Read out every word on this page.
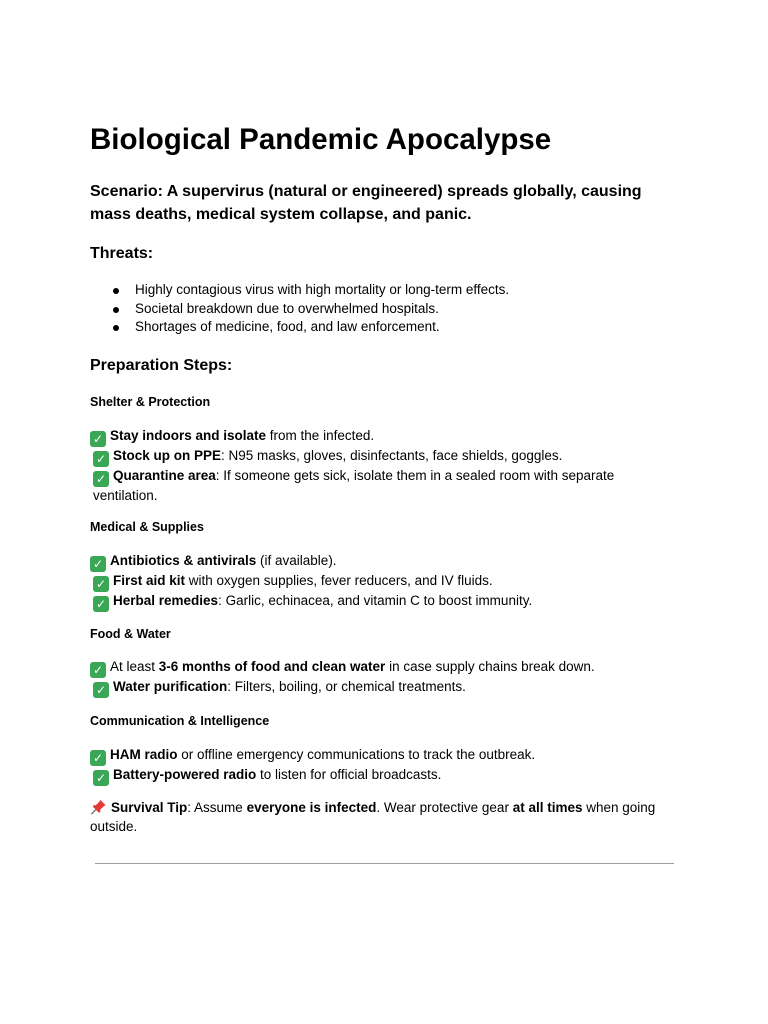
Biological Pandemic Apocalypse

Scenario: A supervirus (natural or engineered) spreads globally, causing mass deaths, medical system collapse, and panic.

Threats:
Highly contagious virus with high mortality or long-term effects.
Societal breakdown due to overwhelmed hospitals.
Shortages of medicine, food, and law enforcement.
Preparation Steps:
Shelter & Protection
✓ Stay indoors and isolate from the infected.
✓ Stock up on PPE: N95 masks, gloves, disinfectants, face shields, goggles.
✓ Quarantine area: If someone gets sick, isolate them in a sealed room with separate ventilation.
Medical & Supplies
✓ Antibiotics & antivirals (if available).
✓ First aid kit with oxygen supplies, fever reducers, and IV fluids.
✓ Herbal remedies: Garlic, echinacea, and vitamin C to boost immunity.
Food & Water
✓ At least 3-6 months of food and clean water in case supply chains break down.
✓ Water purification: Filters, boiling, or chemical treatments.
Communication & Intelligence
✓ HAM radio or offline emergency communications to track the outbreak.
✓ Battery-powered radio to listen for official broadcasts.
Survival Tip: Assume everyone is infected. Wear protective gear at all times when going outside.
